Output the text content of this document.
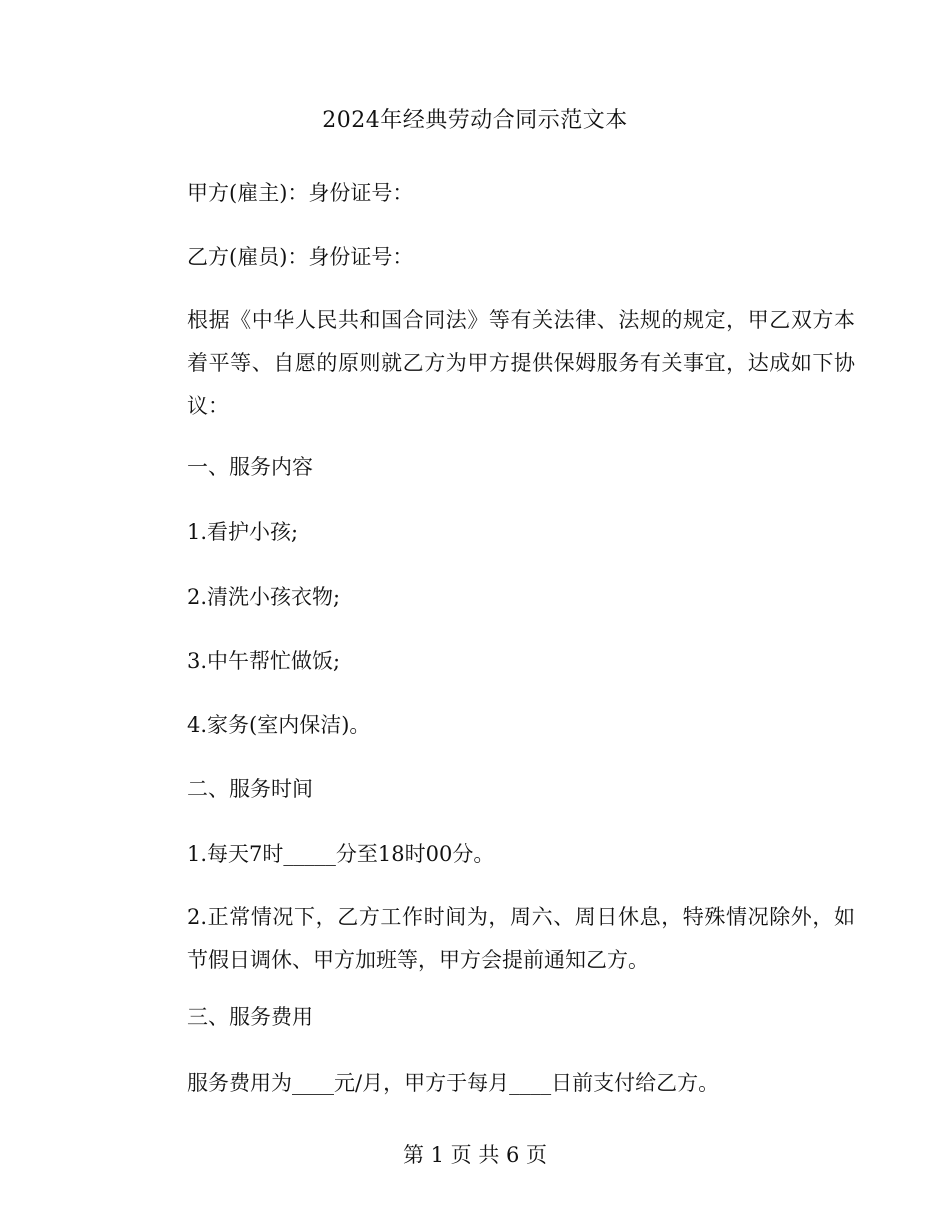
2024年经典劳动合同示范文本
甲方(雇主)：身份证号：
乙方(雇员)：身份证号：
根据《中华人民共和国合同法》等有关法律、法规的规定，甲乙双方本着平等、自愿的原则就乙方为甲方提供保姆服务有关事宜，达成如下协议：
一、服务内容
1.看护小孩;
2.清洗小孩衣物;
3.中午帮忙做饭;
4.家务(室内保洁)。
二、服务时间
1.每天7时_____分至18时00分。
2.正常情况下，乙方工作时间为，周六、周日休息，特殊情况除外，如节假日调休、甲方加班等，甲方会提前通知乙方。
三、服务费用
服务费用为____元/月，甲方于每月____日前支付给乙方。
第 1 页 共 6 页
